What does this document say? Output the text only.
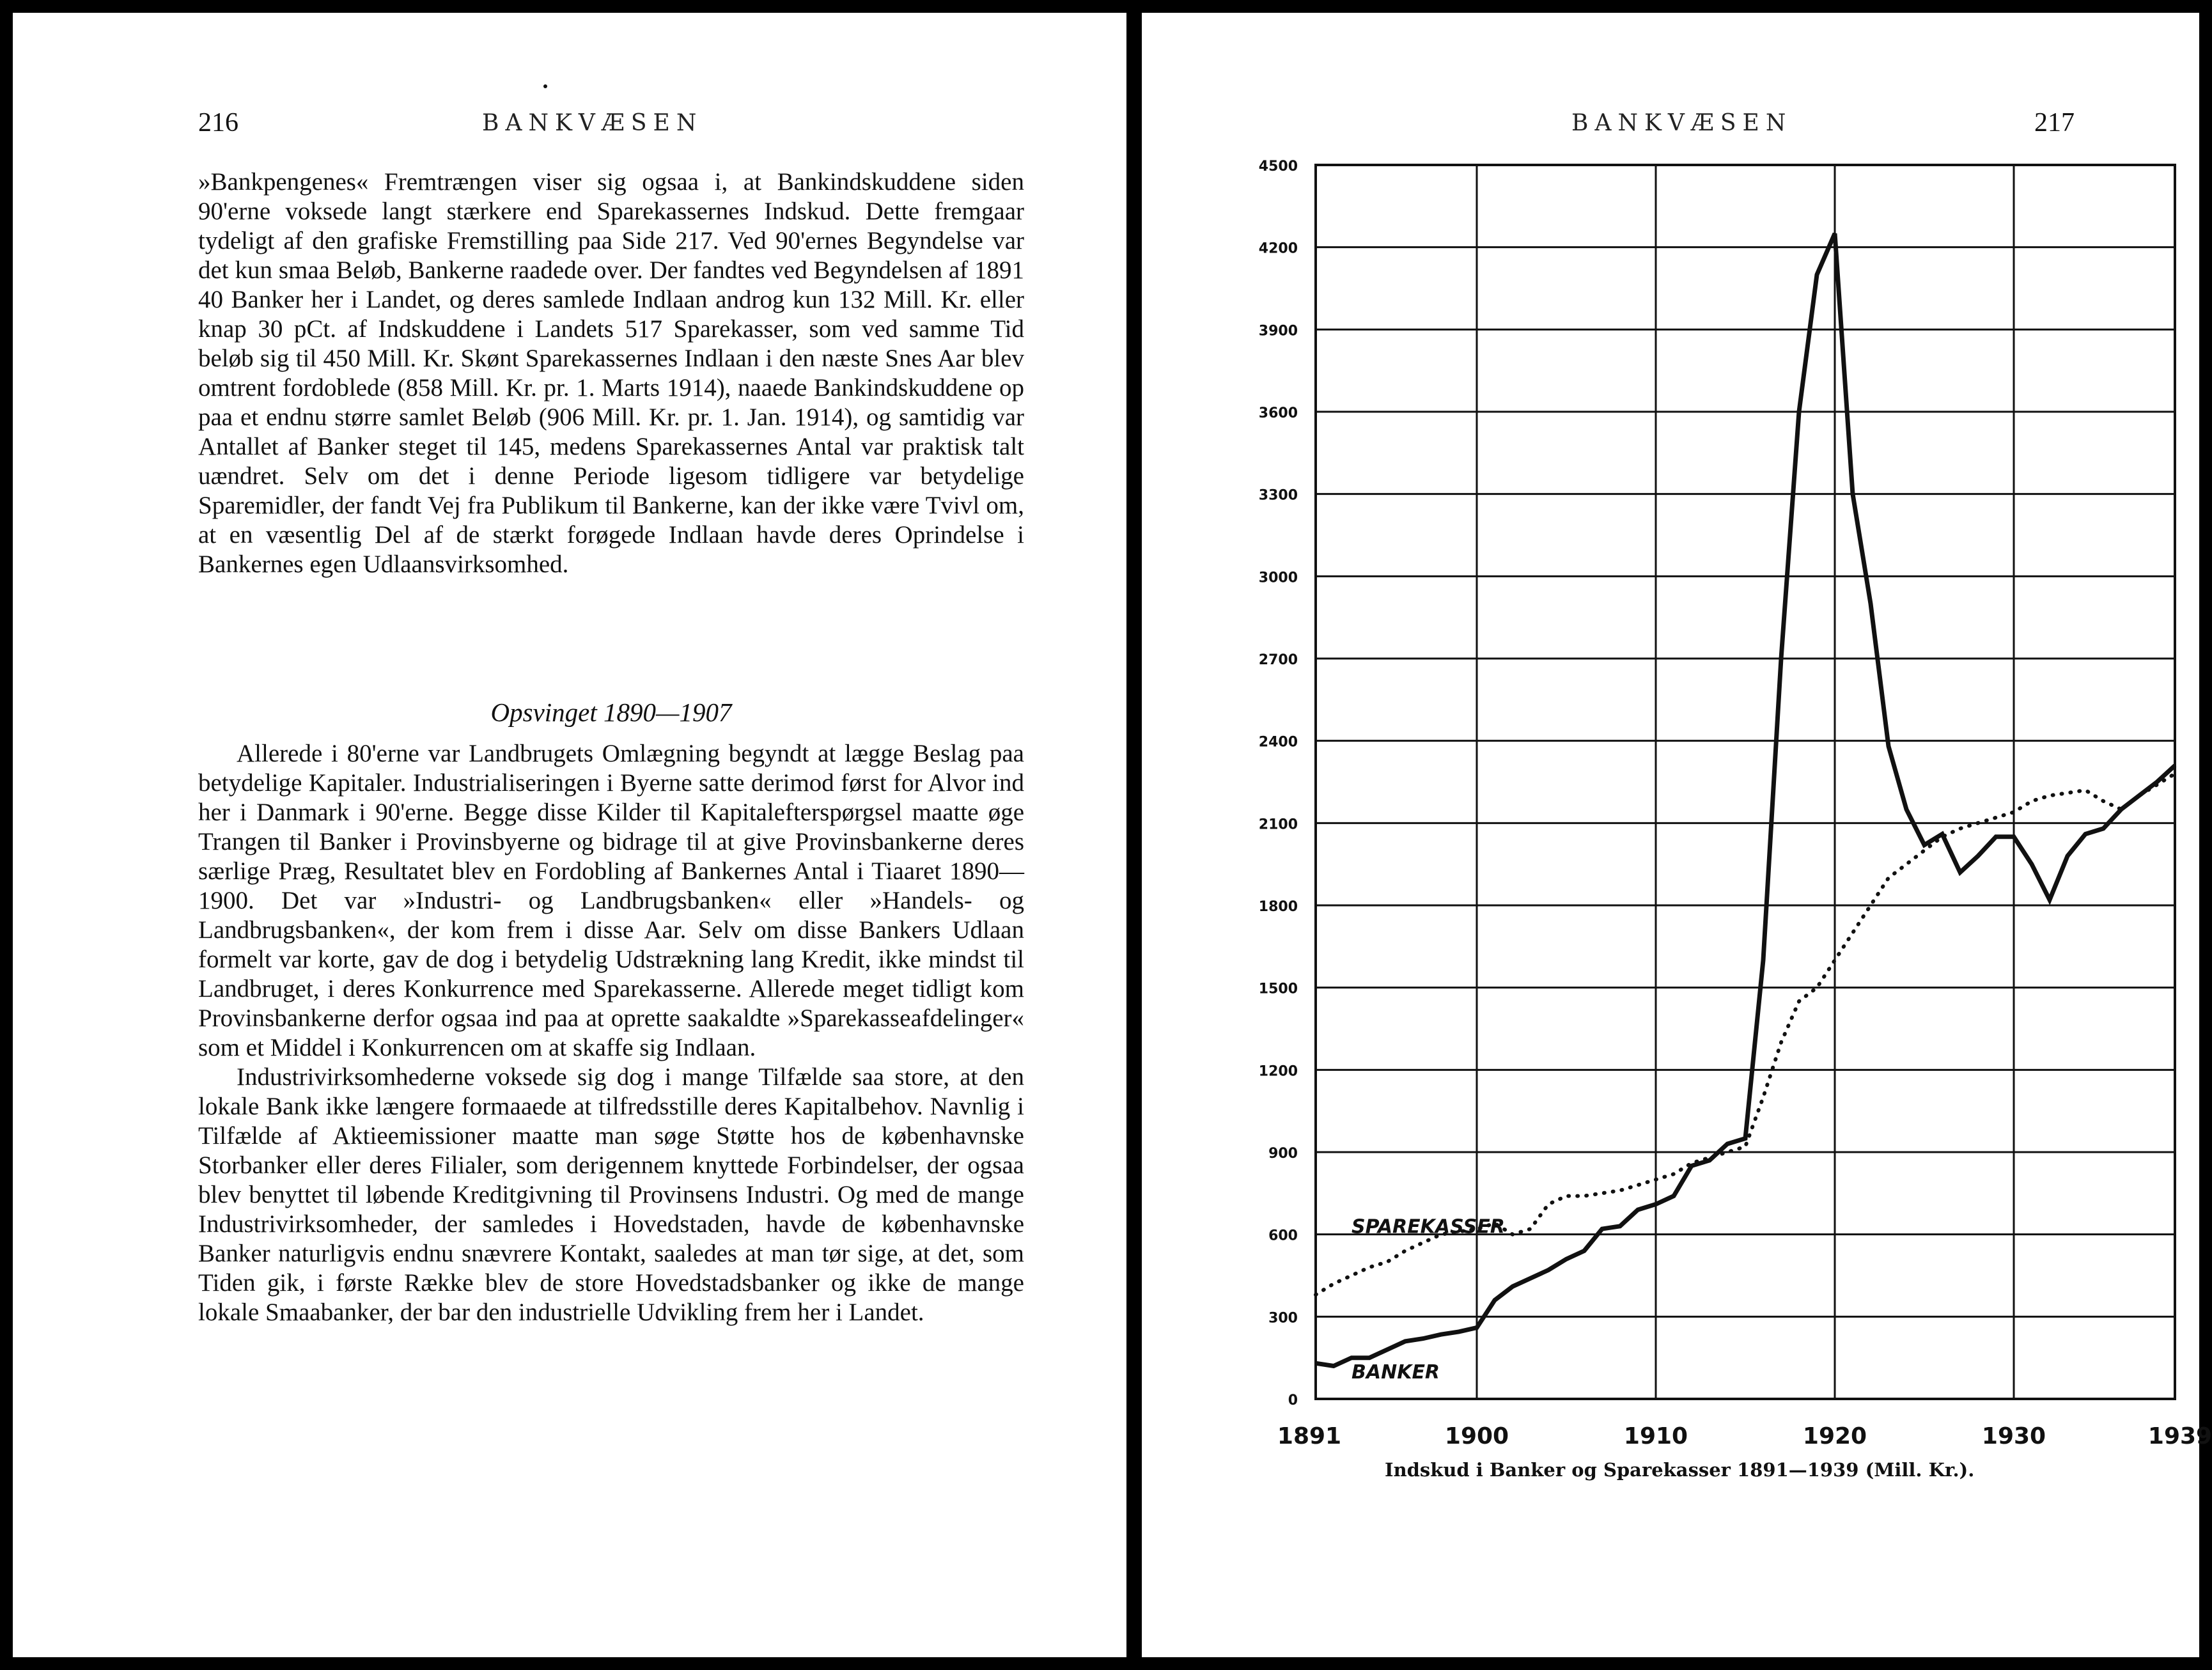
216	BANKVÆSEN

»Bankpengenes« Fremtrængen viser sig ogsaa i, at Bankindskuddene siden 90'erne voksede langt stærkere end Sparekassernes Indskud. Dette fremgaar tydeligt af den grafiske Fremstilling paa Side 217. Ved 90'ernes Begyndelse var det kun smaa Beløb, Bankerne raadede over. Der fandtes ved Begyndelsen af 1891 40 Banker her i Landet, og deres samlede Indlaan androg kun 132 Mill. Kr. eller knap 30 pCt. af Indskuddene i Landets 517 Sparekasser, som ved samme Tid beløb sig til 450 Mill. Kr. Skønt Sparekassernes Indlaan i den næste Snes Aar blev omtrent fordoblede (858 Mill. Kr. pr. 1. Marts 1914), naaede Bankindskuddene op paa et endnu større samlet Beløb (906 Mill. Kr. pr. 1. Jan. 1914), og samtidig var Antallet af Banker steget til 145, medens Sparekassernes Antal var praktisk talt uændret. Selv om det i denne Periode ligesom tidligere var betydelige Sparemidler, der fandt Vej fra Publikum til Bankerne, kan der ikke være Tvivl om, at en væsentlig Del af de stærkt forøgede Indlaan havde deres Oprindelse i Bankernes egen Udlaansvirksomhed.

Opsvinget 1890—1907

Allerede i 80'erne var Landbrugets Omlægning begyndt at lægge Beslag paa betydelige Kapitaler. Industrialiseringen i Byerne satte derimod først for Alvor ind her i Danmark i 90'erne. Begge disse Kilder til Kapitalefterspørgsel maatte øge Trangen til Banker i Provinsbyerne og bidrage til at give Provinsbankerne deres særlige Præg, Resultatet blev en Fordobling af Bankernes Antal i Tiaaret 1890—1900. Det var »Industri- og Landbrugsbanken« eller »Handels- og Landbrugsbanken«, der kom frem i disse Aar. Selv om disse Bankers Udlaan formelt var korte, gav de dog i betydelig Udstrækning lang Kredit, ikke mindst til Landbruget, i deres Konkurrence med Sparekasserne. Allerede meget tidligt kom Provinsbankerne derfor ogsaa ind paa at oprette saakaldte »Sparekasseafdelinger« som et Middel i Konkurrencen om at skaffe sig Indlaan.

Industrivirksomhederne voksede sig dog i mange Tilfælde saa store, at den lokale Bank ikke længere formaaede at tilfredsstille deres Kapitalbehov. Navnlig i Tilfælde af Aktieemissioner maatte man søge Støtte hos de københavnske Storbanker eller deres Filialer, som derigennem knyttede Forbindelser, der ogsaa blev benyttet til løbende Kreditgivning til Provinsens Industri. Og med de mange Industrivirksomheder, der samledes i Hovedstaden, havde de københavnske Banker naturligvis endnu snævrere Kontakt, saaledes at man tør sige, at det, som Tiden gik, i første Række blev de store Hovedstadsbanker og ikke de mange lokale Smaabanker, der bar den industrielle Udvikling frem her i Landet.

BANKVÆSEN	217
0
300
600
900
1200
1500
1800
2100
2400
2700
3000
3300
3600
3900
4200
4500
1891	1900	1910	1920	1930	1939
BANKER
SPAREKASSER
Indskud i Banker og Sparekasser 1891—1939 (Mill. Kr.).
